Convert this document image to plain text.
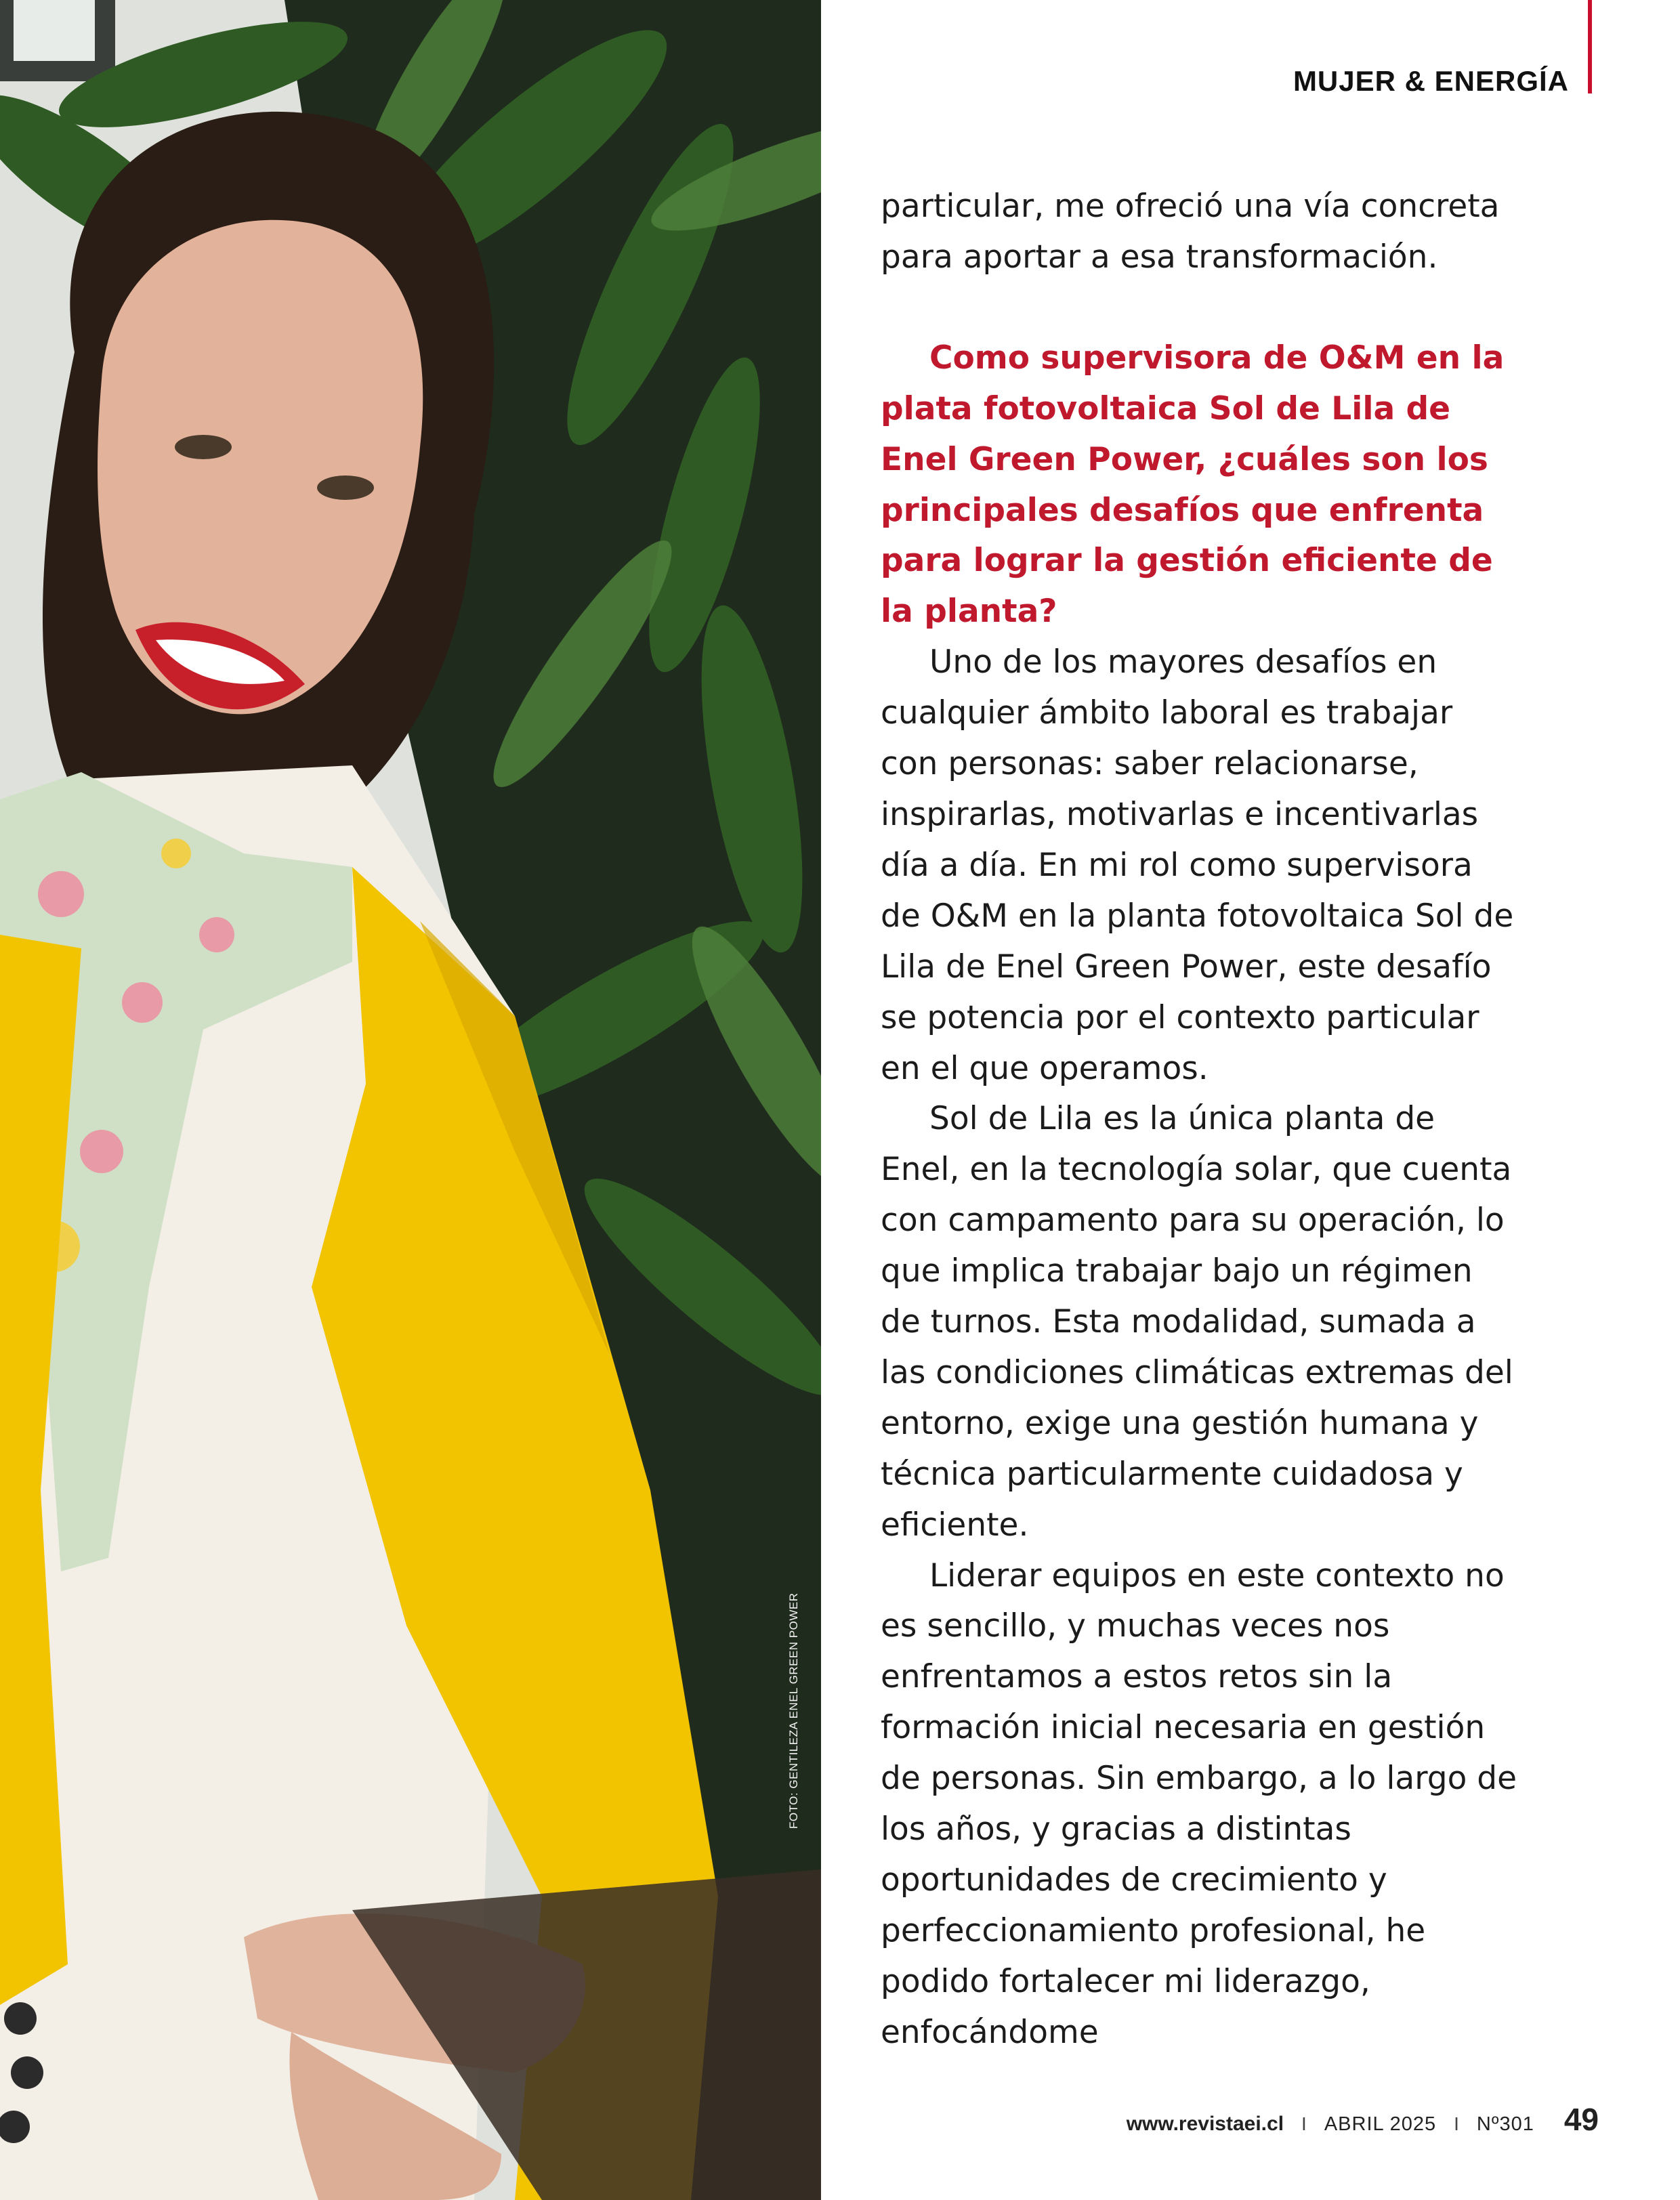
FOTO: GENTILEZA ENEL GREEN POWER
MUJER & ENERGÍA

particular, me ofreció una vía concreta para aportar a esa transformación.

Como supervisora de O&M en la plata fotovoltaica Sol de Lila de Enel Green Power, ¿cuáles son los principales desafíos que enfrenta para lograr la gestión eficiente de la planta?

Uno de los mayores desafíos en cualquier ámbito laboral es trabajar con personas: saber relacionarse, inspirarlas, motivarlas e incentivarlas día a día. En mi rol como supervisora de O&M en la planta fotovoltaica Sol de Lila de Enel Green Power, este desafío se potencia por el contexto particular en el que operamos.

Sol de Lila es la única planta de Enel, en la tecnología solar, que cuenta con campamento para su operación, lo que implica trabajar bajo un régimen de turnos. Esta modalidad, sumada a las condiciones climáticas extremas del entorno, exige una gestión humana y técnica particularmente cuidadosa y eficiente.

Liderar equipos en este contexto no es sencillo, y muchas veces nos enfrentamos a estos retos sin la formación inicial necesaria en gestión de personas. Sin embargo, a lo largo de los años, y gracias a distintas oportunidades de crecimiento y perfeccionamiento profesional, he podido fortalecer mi liderazgo, enfocándome

www.revistaei.cl I ABRIL 2025 I Nº301 49
